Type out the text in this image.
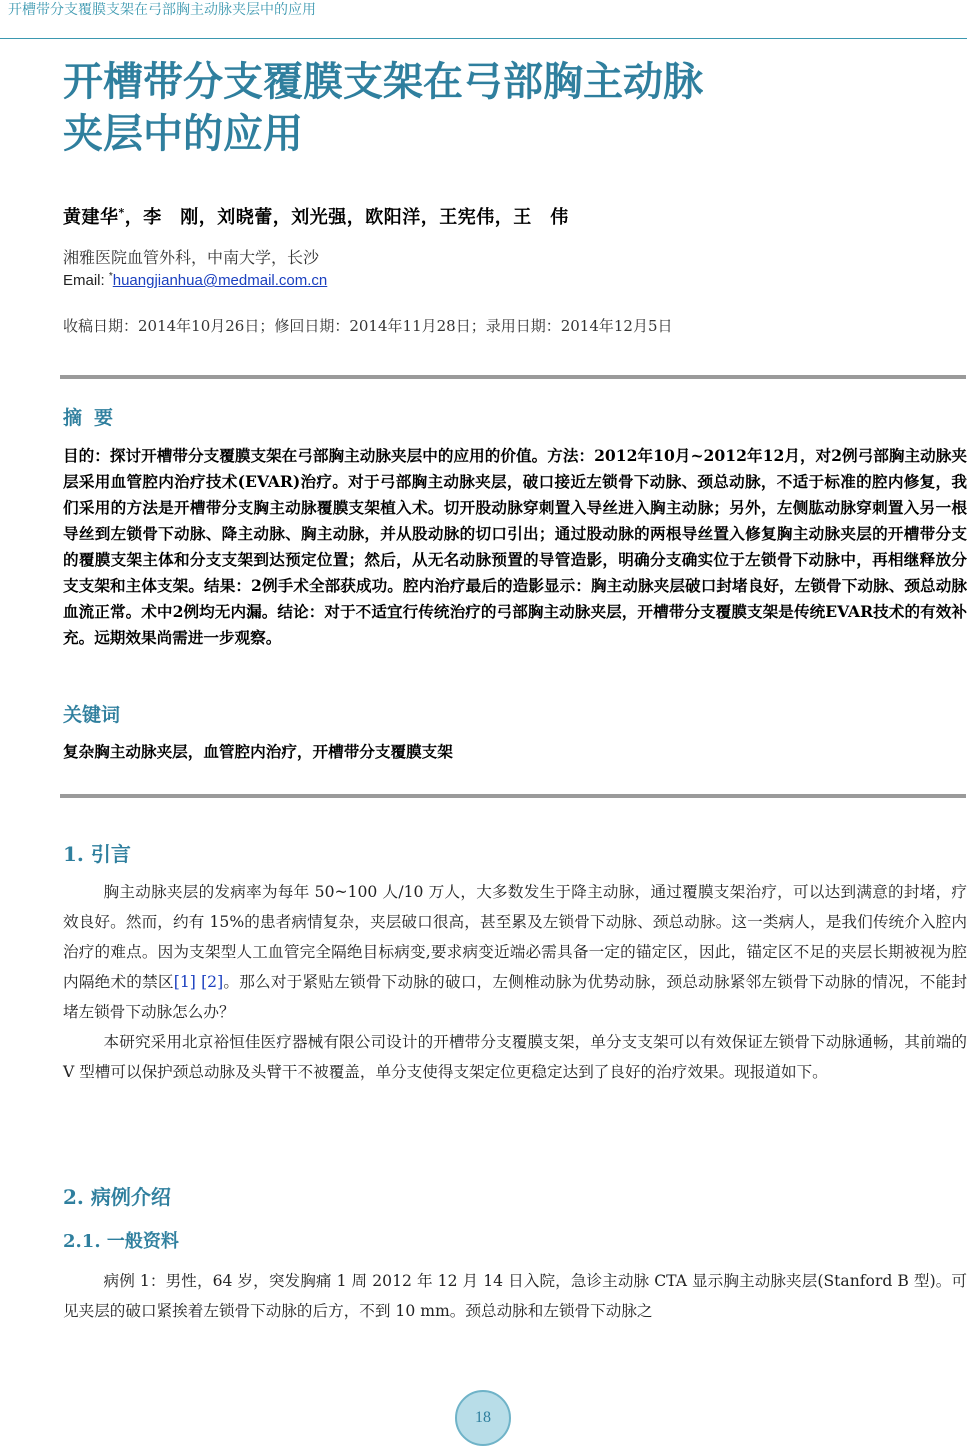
开槽带分支覆膜支架在弓部胸主动脉夹层中的应用
开槽带分支覆膜支架在弓部胸主动脉
夹层中的应用
黄建华*，李　刚，刘晓蕾，刘光强，欧阳洋，王宪伟，王　伟
湘雅医院血管外科，中南大学，长沙
Email: *huangjianhua@medmail.com.cn
收稿日期：2014年10月26日；修回日期：2014年11月28日；录用日期：2014年12月5日
摘要
目的：探讨开槽带分支覆膜支架在弓部胸主动脉夹层中的应用的价值。方法：2012年10月~2012年12月，对2例弓部胸主动脉夹层采用血管腔内治疗技术(EVAR)治疗。对于弓部胸主动脉夹层，破口接近左锁骨下动脉、颈总动脉，不适于标准的腔内修复，我们采用的方法是开槽带分支胸主动脉覆膜支架植入术。切开股动脉穿刺置入导丝进入胸主动脉；另外，左侧肱动脉穿刺置入另一根导丝到左锁骨下动脉、降主动脉、胸主动脉，并从股动脉的切口引出；通过股动脉的两根导丝置入修复胸主动脉夹层的开槽带分支的覆膜支架主体和分支支架到达预定位置；然后，从无名动脉预置的导管造影，明确分支确实位于左锁骨下动脉中，再相继释放分支支架和主体支架。结果：2例手术全部获成功。腔内治疗最后的造影显示：胸主动脉夹层破口封堵良好，左锁骨下动脉、颈总动脉血流正常。术中2例均无内漏。结论：对于不适宜行传统治疗的弓部胸主动脉夹层，开槽带分支覆膜支架是传统EVAR技术的有效补充。远期效果尚需进一步观察。
关键词
复杂胸主动脉夹层，血管腔内治疗，开槽带分支覆膜支架
1. 引言

胸主动脉夹层的发病率为每年 50~100 人/10 万人，大多数发生于降主动脉，通过覆膜支架治疗，可以达到满意的封堵，疗效良好。然而，约有 15%的患者病情复杂，夹层破口很高，甚至累及左锁骨下动脉、颈总动脉。这一类病人，是我们传统介入腔内治疗的难点。因为支架型人工血管完全隔绝目标病变,要求病变近端必需具备一定的锚定区，因此，锚定区不足的夹层长期被视为腔内隔绝术的禁区[1] [2]。那么对于紧贴左锁骨下动脉的破口，左侧椎动脉为优势动脉，颈总动脉紧邻左锁骨下动脉的情况，不能封堵左锁骨下动脉怎么办？

本研究采用北京裕恒佳医疗器械有限公司设计的开槽带分支覆膜支架，单分支支架可以有效保证左锁骨下动脉通畅，其前端的 V 型槽可以保护颈总动脉及头臂干不被覆盖，单分支使得支架定位更稳定达到了良好的治疗效果。现报道如下。

2. 病例介绍
2.1. 一般资料

病例 1：男性，64 岁，突发胸痛 1 周 2012 年 12 月 14 日入院，急诊主动脉 CTA 显示胸主动脉夹层(Stanford B 型)。可见夹层的破口紧挨着左锁骨下动脉的后方，不到 10 mm。颈总动脉和左锁骨下动脉之

18
